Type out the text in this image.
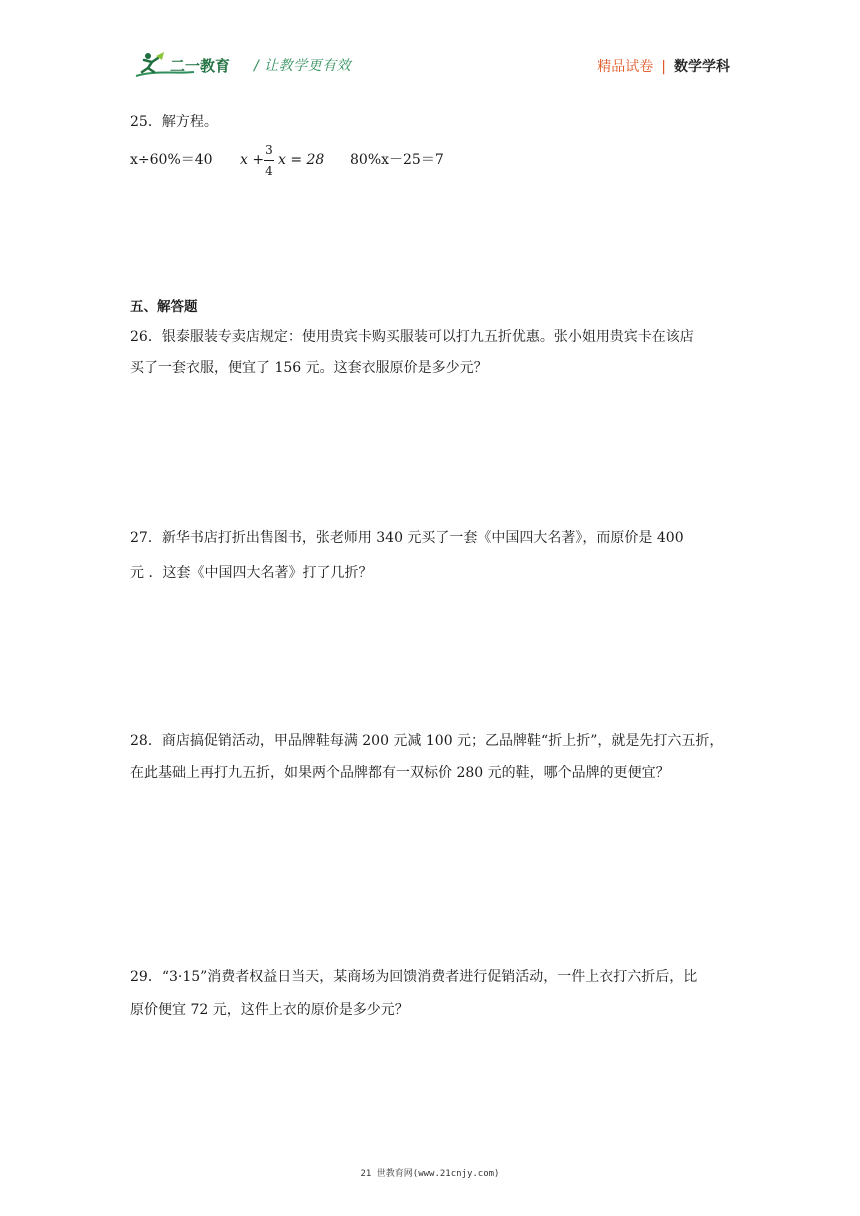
二一教育 / 让教学更有效	精品试卷 | 数学学科
25．解方程。
x÷60%＝40 x +
3
4
x = 28 80%x－25＝7
五、解答题
26．银泰服装专卖店规定：使用贵宾卡购买服装可以打九五折优惠。张小姐用贵宾卡在该店
买了一套衣服，便宜了 156 元。这套衣服原价是多少元？
27．新华书店打折出售图书，张老师用 340 元买了一套《中国四大名著》，而原价是 400
元 ．这套《中国四大名著》打了几折？
28．商店搞促销活动，甲品牌鞋每满 200 元减 100 元；乙品牌鞋“折上折”，就是先打六五折，
在此基础上再打九五折，如果两个品牌都有一双标价 280 元的鞋，哪个品牌的更便宜？
29．“3·15”消费者权益日当天，某商场为回馈消费者进行促销活动，一件上衣打六折后，比
原价便宜 72 元，这件上衣的原价是多少元？
21 世教育网(www.21cnjy.com)
